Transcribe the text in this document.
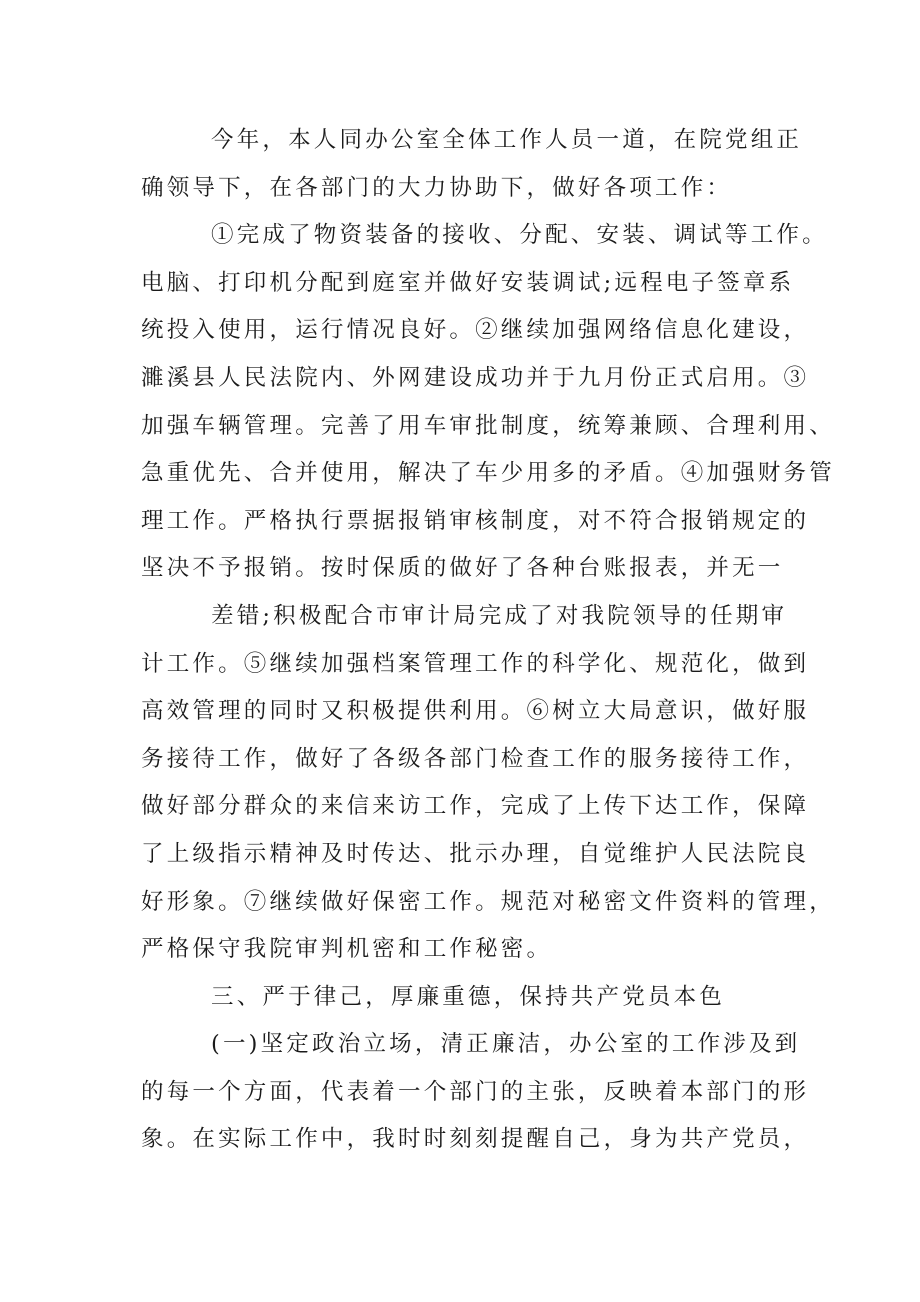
今年，本人同办公室全体工作人员一道，在院党组正
确领导下，在各部门的大力协助下，做好各项工作：
①完成了物资装备的接收、分配、安装、调试等工作。
电脑、打印机分配到庭室并做好安装调试;远程电子签章系
统投入使用，运行情况良好。②继续加强网络信息化建设，
濉溪县人民法院内、外网建设成功并于九月份正式启用。③
加强车辆管理。完善了用车审批制度，统筹兼顾、合理利用、
急重优先、合并使用，解决了车少用多的矛盾。④加强财务管
理工作。严格执行票据报销审核制度，对不符合报销规定的
坚决不予报销。按时保质的做好了各种台账报表，并无一
差错;积极配合市审计局完成了对我院领导的任期审
计工作。⑤继续加强档案管理工作的科学化、规范化，做到
高效管理的同时又积极提供利用。⑥树立大局意识，做好服
务接待工作，做好了各级各部门检查工作的服务接待工作，
做好部分群众的来信来访工作，完成了上传下达工作，保障
了上级指示精神及时传达、批示办理，自觉维护人民法院良
好形象。⑦继续做好保密工作。规范对秘密文件资料的管理，
严格保守我院审判机密和工作秘密。
三、严于律己，厚廉重德，保持共产党员本色
(一)坚定政治立场，清正廉洁，办公室的工作涉及到
的每一个方面，代表着一个部门的主张，反映着本部门的形
象。在实际工作中，我时时刻刻提醒自己，身为共产党员，
